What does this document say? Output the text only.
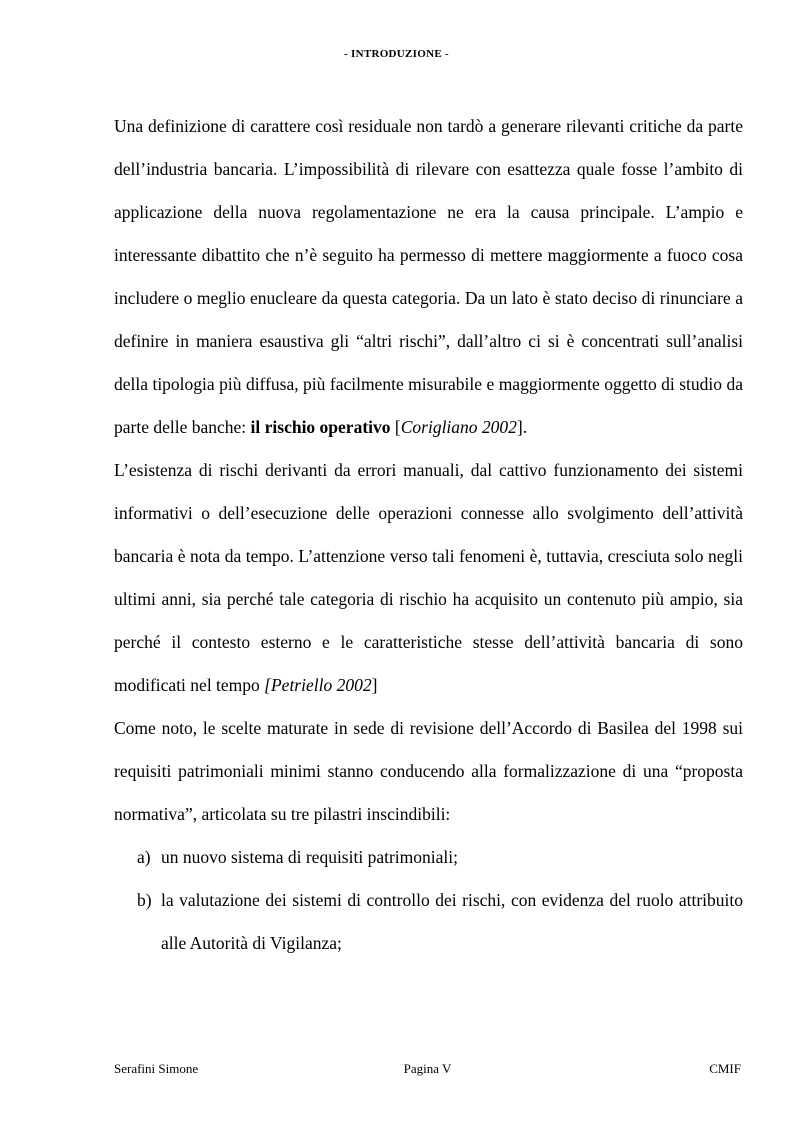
- INTRODUZIONE -

Una definizione di carattere così residuale non tardò a generare rilevanti critiche da parte dell’industria bancaria. L’impossibilità di rilevare con esattezza quale fosse l’ambito di applicazione della nuova regolamentazione ne era la causa principale. L’ampio e interessante dibattito che n’è seguito ha permesso di mettere maggiormente a fuoco cosa includere o meglio enucleare da questa categoria. Da un lato è stato deciso di rinunciare a definire in maniera esaustiva gli “altri rischi”, dall’altro ci si è concentrati sull’analisi della tipologia più diffusa, più facilmente misurabile e maggiormente oggetto di studio da parte delle banche: il rischio operativo [Corigliano 2002].

L’esistenza di rischi derivanti da errori manuali, dal cattivo funzionamento dei sistemi informativi o dell’esecuzione delle operazioni connesse allo svolgimento dell’attività bancaria è nota da tempo. L’attenzione verso tali fenomeni è, tuttavia, cresciuta solo negli ultimi anni, sia perché tale categoria di rischio ha acquisito un contenuto più ampio, sia perché il contesto esterno e le caratteristiche stesse dell’attività bancaria di sono modificati nel tempo [Petriello 2002]

Come noto, le scelte maturate in sede di revisione dell’Accordo di Basilea del 1998 sui requisiti patrimoniali minimi stanno conducendo alla formalizzazione di una “proposta normativa”, articolata su tre pilastri inscindibili:

a) un nuovo sistema di requisiti patrimoniali;
b) la valutazione dei sistemi di controllo dei rischi, con evidenza del ruolo attribuito alle Autorità di Vigilanza;
Serafini Simone	Pagina V	CMIF
